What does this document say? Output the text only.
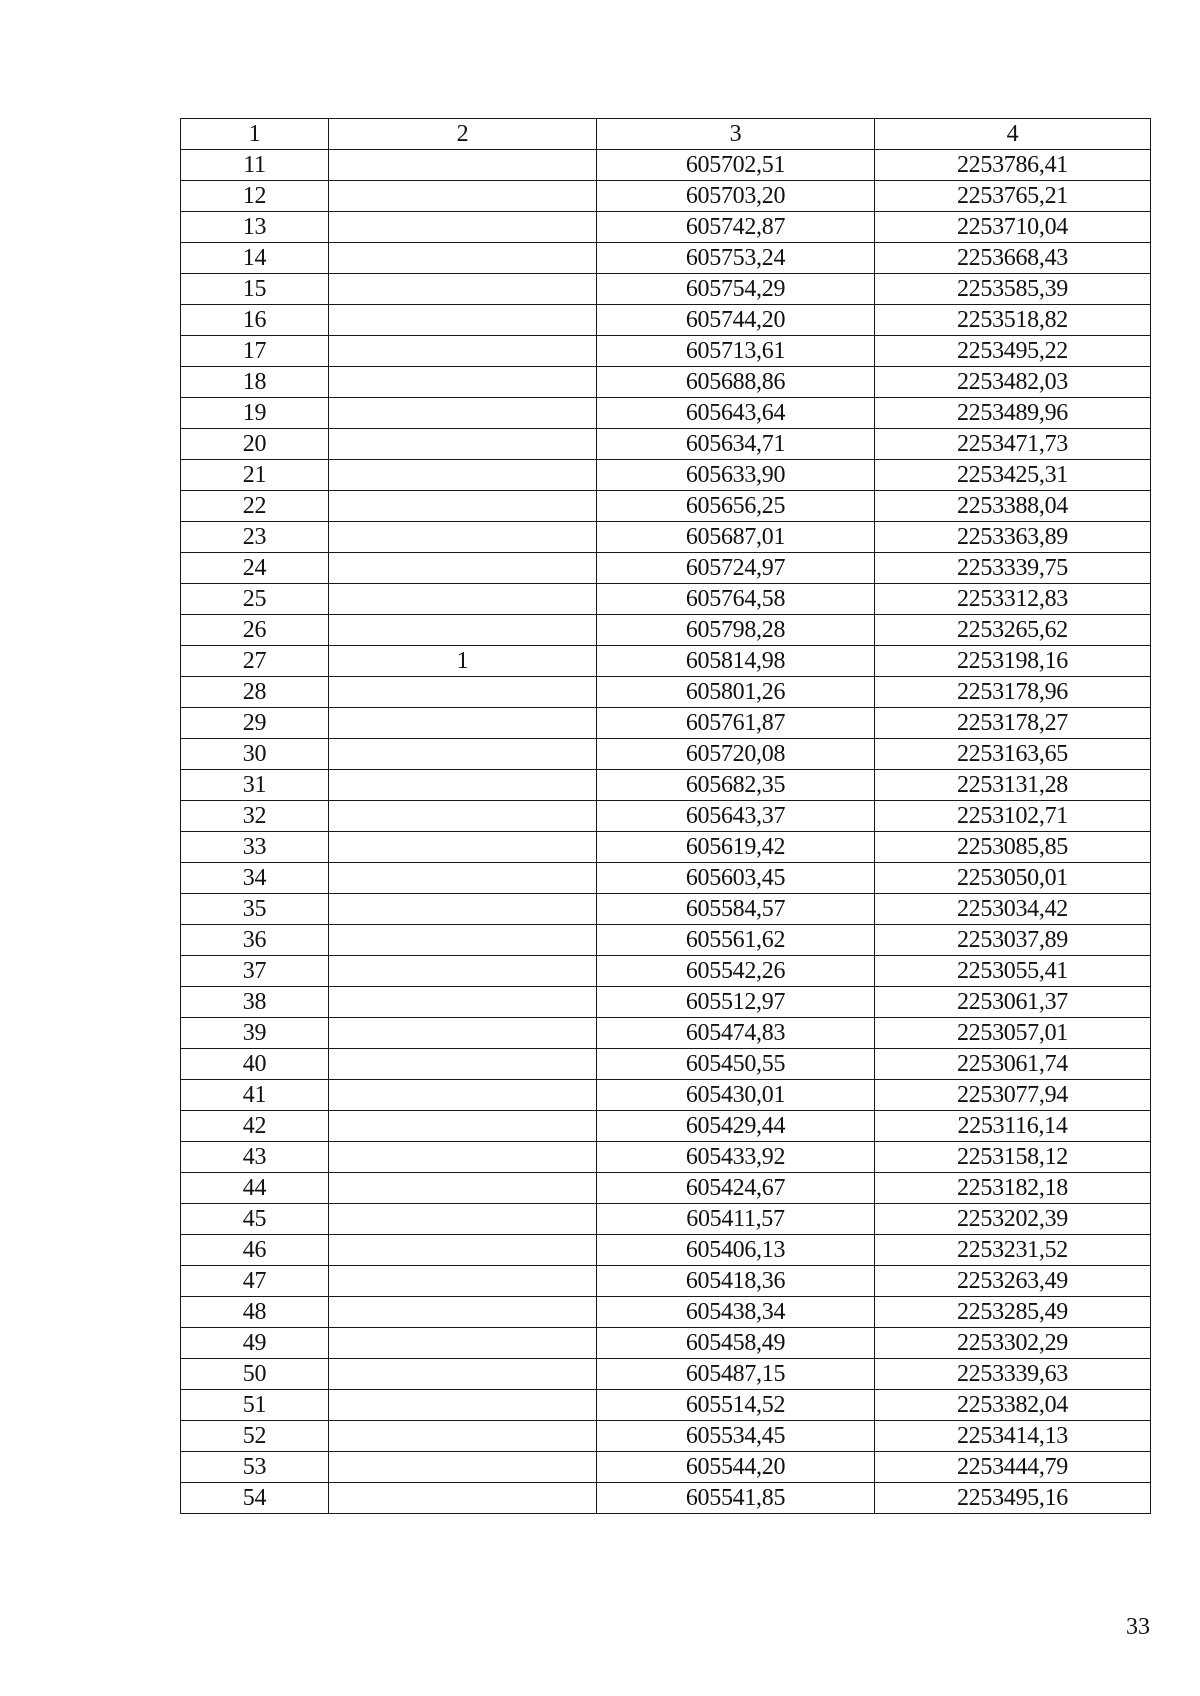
1	2	3	4
11		605702,51	2253786,41
12		605703,20	2253765,21
13		605742,87	2253710,04
14		605753,24	2253668,43
15		605754,29	2253585,39
16		605744,20	2253518,82
17		605713,61	2253495,22
18		605688,86	2253482,03
19		605643,64	2253489,96
20		605634,71	2253471,73
21		605633,90	2253425,31
22		605656,25	2253388,04
23		605687,01	2253363,89
24		605724,97	2253339,75
25		605764,58	2253312,83
26		605798,28	2253265,62
27	1	605814,98	2253198,16
28		605801,26	2253178,96
29		605761,87	2253178,27
30		605720,08	2253163,65
31		605682,35	2253131,28
32		605643,37	2253102,71
33		605619,42	2253085,85
34		605603,45	2253050,01
35		605584,57	2253034,42
36		605561,62	2253037,89
37		605542,26	2253055,41
38		605512,97	2253061,37
39		605474,83	2253057,01
40		605450,55	2253061,74
41		605430,01	2253077,94
42		605429,44	2253116,14
43		605433,92	2253158,12
44		605424,67	2253182,18
45		605411,57	2253202,39
46		605406,13	2253231,52
47		605418,36	2253263,49
48		605438,34	2253285,49
49		605458,49	2253302,29
50		605487,15	2253339,63
51		605514,52	2253382,04
52		605534,45	2253414,13
53		605544,20	2253444,79
54		605541,85	2253495,16
33
